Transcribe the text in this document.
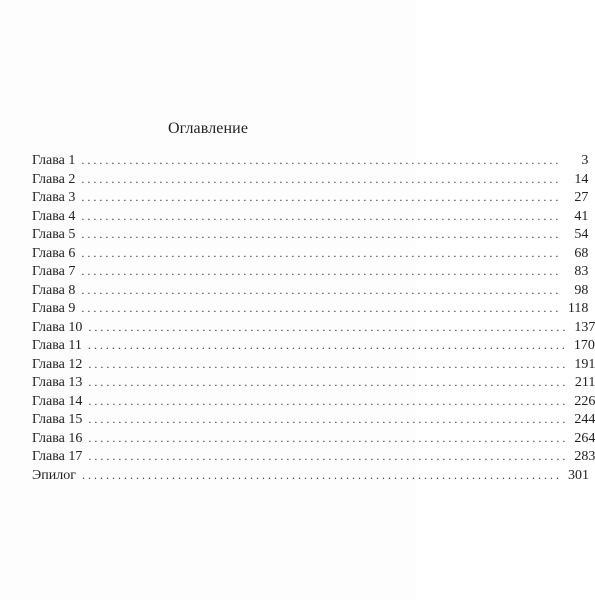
Оглавление
Глава 1 ................................................................................	3
Глава 2 ................................................................................ 14
Глава 3 ................................................................................ 27
Глава 4 ................................................................................ 41
Глава 5 ................................................................................ 54
Глава 6 ................................................................................ 68
Глава 7 ................................................................................ 83
Глава 8 ................................................................................ 98
Глава 9 ................................................................................ 118
Глава 10 ................................................................................ 137
Глава 11 ................................................................................ 170
Глава 12 ................................................................................ 191
Глава 13 ................................................................................ 211
Глава 14 ................................................................................ 226
Глава 15 ................................................................................ 244
Глава 16 ................................................................................ 264
Глава 17 ................................................................................ 283
Эпилог ................................................................................ 301
